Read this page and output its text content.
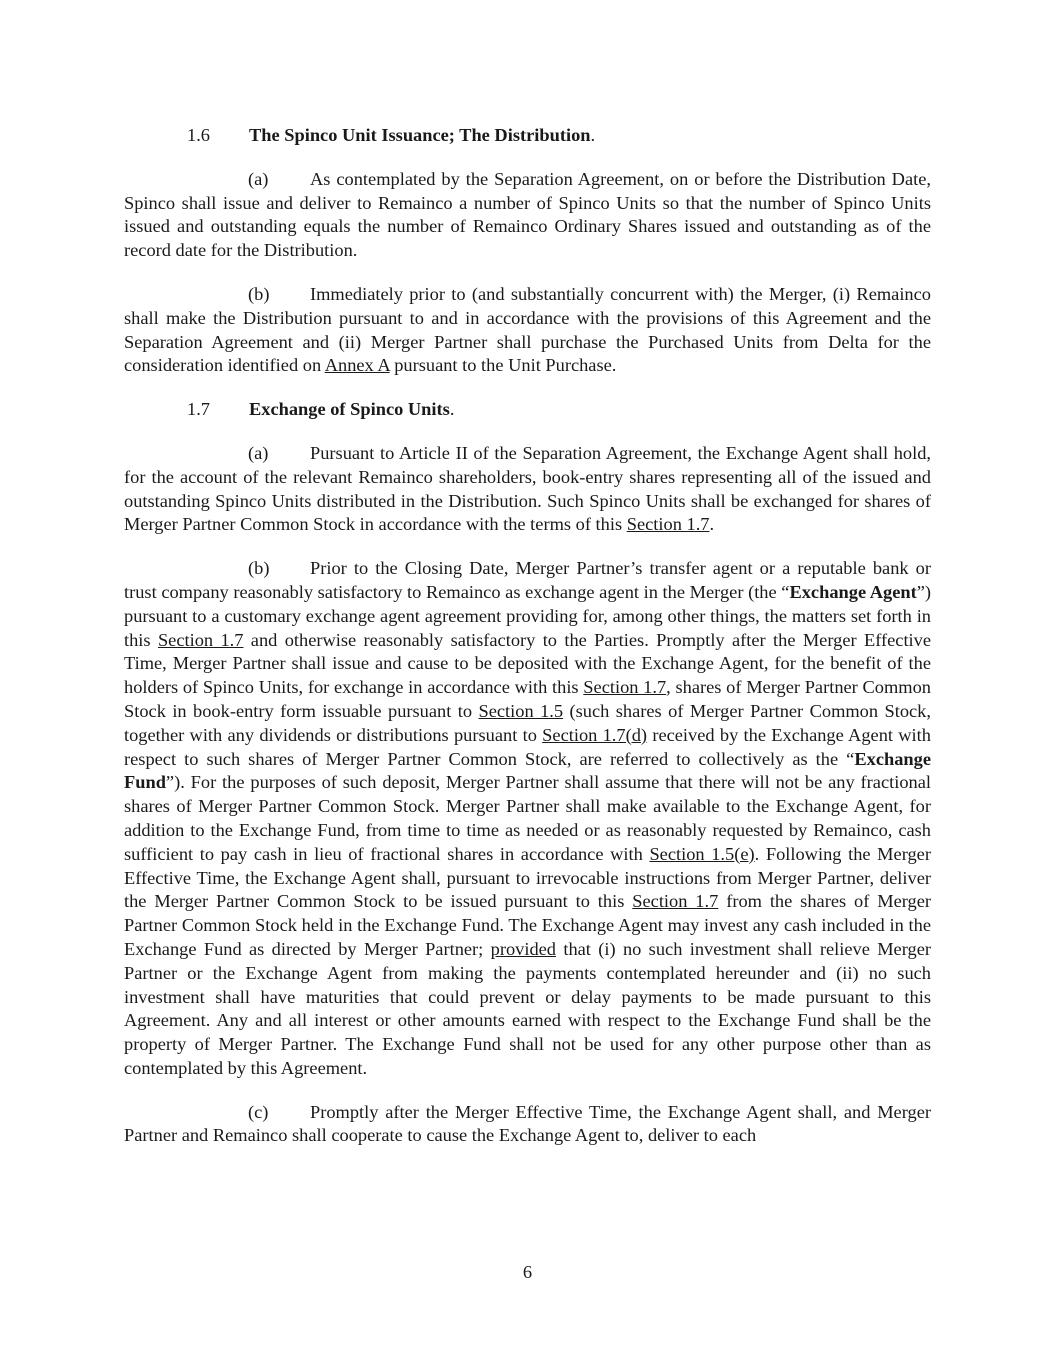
1.6 The Spinco Unit Issuance; The Distribution.

(a) As contemplated by the Separation Agreement, on or before the Distribution Date, Spinco shall issue and deliver to Remainco a number of Spinco Units so that the number of Spinco Units issued and outstanding equals the number of Remainco Ordinary Shares issued and outstanding as of the record date for the Distribution.

(b) Immediately prior to (and substantially concurrent with) the Merger, (i) Remainco shall make the Distribution pursuant to and in accordance with the provisions of this Agreement and the Separation Agreement and (ii) Merger Partner shall purchase the Purchased Units from Delta for the consideration identified on Annex A pursuant to the Unit Purchase.

1.7 Exchange of Spinco Units.

(a) Pursuant to Article II of the Separation Agreement, the Exchange Agent shall hold, for the account of the relevant Remainco shareholders, book-entry shares representing all of the issued and outstanding Spinco Units distributed in the Distribution. Such Spinco Units shall be exchanged for shares of Merger Partner Common Stock in accordance with the terms of this Section 1.7.

(b) Prior to the Closing Date, Merger Partner’s transfer agent or a reputable bank or trust company reasonably satisfactory to Remainco as exchange agent in the Merger (the “Exchange Agent”) pursuant to a customary exchange agent agreement providing for, among other things, the matters set forth in this Section 1.7 and otherwise reasonably satisfactory to the Parties. Promptly after the Merger Effective Time, Merger Partner shall issue and cause to be deposited with the Exchange Agent, for the benefit of the holders of Spinco Units, for exchange in accordance with this Section 1.7, shares of Merger Partner Common Stock in book-entry form issuable pursuant to Section 1.5 (such shares of Merger Partner Common Stock, together with any dividends or distributions pursuant to Section 1.7(d) received by the Exchange Agent with respect to such shares of Merger Partner Common Stock, are referred to collectively as the “Exchange Fund”). For the purposes of such deposit, Merger Partner shall assume that there will not be any fractional shares of Merger Partner Common Stock. Merger Partner shall make available to the Exchange Agent, for addition to the Exchange Fund, from time to time as needed or as reasonably requested by Remainco, cash sufficient to pay cash in lieu of fractional shares in accordance with Section 1.5(e). Following the Merger Effective Time, the Exchange Agent shall, pursuant to irrevocable instructions from Merger Partner, deliver the Merger Partner Common Stock to be issued pursuant to this Section 1.7 from the shares of Merger Partner Common Stock held in the Exchange Fund. The Exchange Agent may invest any cash included in the Exchange Fund as directed by Merger Partner; provided that (i) no such investment shall relieve Merger Partner or the Exchange Agent from making the payments contemplated hereunder and (ii) no such investment shall have maturities that could prevent or delay payments to be made pursuant to this Agreement. Any and all interest or other amounts earned with respect to the Exchange Fund shall be the property of Merger Partner. The Exchange Fund shall not be used for any other purpose other than as contemplated by this Agreement.

(c) Promptly after the Merger Effective Time, the Exchange Agent shall, and Merger Partner and Remainco shall cooperate to cause the Exchange Agent to, deliver to each

6
